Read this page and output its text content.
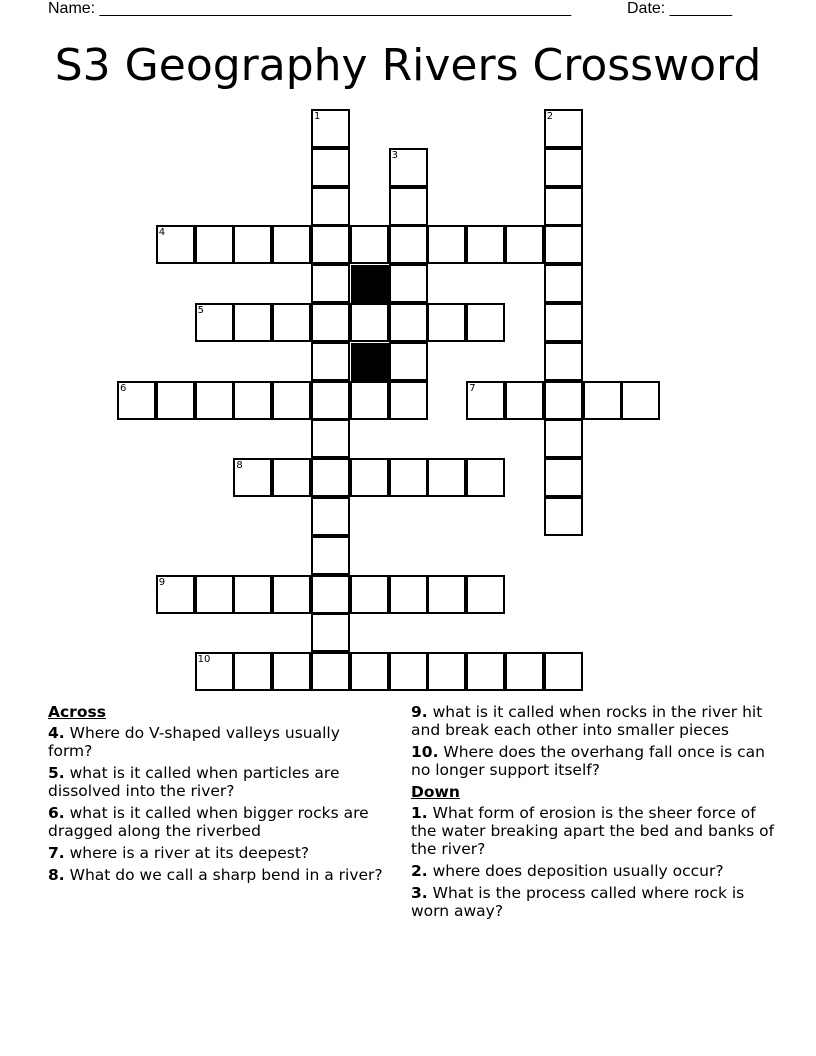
Name: _____________________________________________________	Date: _______
S3 Geography Rivers Crossword
1	2
3
4
5
6	7
8
9
10
Across
4. Where do V-shaped valleys usually form?
5. what is it called when particles are dissolved into the river?
6. what is it called when bigger rocks are dragged along the riverbed
7. where is a river at its deepest?
8. What do we call a sharp bend in a river?
9. what is it called when rocks in the river hit and break each other into smaller pieces
10. Where does the overhang fall once is can no longer support itself?
Down
1. What form of erosion is the sheer force of the water breaking apart the bed and banks of the river?
2. where does deposition usually occur?
3. What is the process called where rock is worn away?
